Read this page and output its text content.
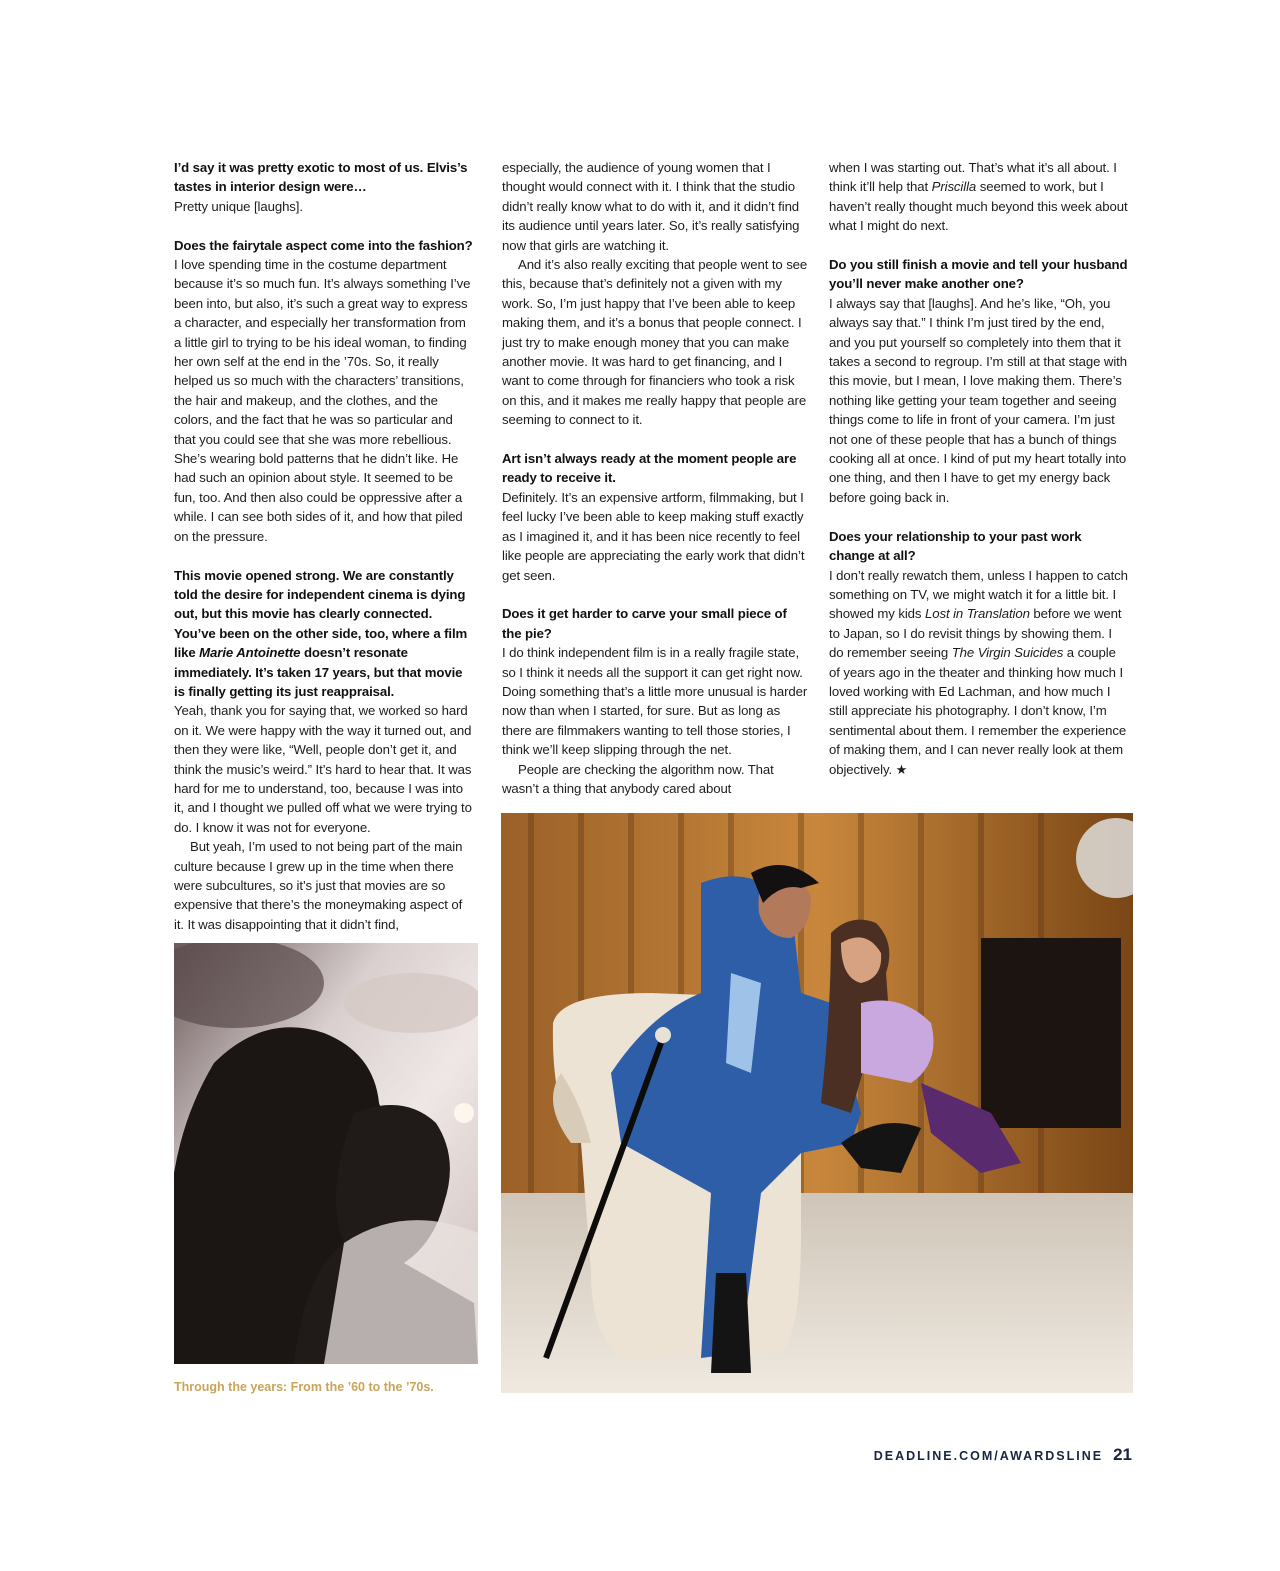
I’d say it was pretty exotic to most of us. Elvis’s tastes in interior design were…

Pretty unique [laughs].

Does the fairytale aspect come into the fashion?

I love spending time in the costume department because it’s so much fun. It’s always something I’ve been into, but also, it’s such a great way to express a character, and especially her transformation from a little girl to trying to be his ideal woman, to finding her own self at the end in the ’70s. So, it really helped us so much with the characters’ transitions, the hair and makeup, and the clothes, and the colors, and the fact that he was so particular and that you could see that she was more rebellious. She’s wearing bold patterns that he didn’t like. He had such an opinion about style. It seemed to be fun, too. And then also could be oppressive after a while. I can see both sides of it, and how that piled on the pressure.

This movie opened strong. We are constantly told the desire for independent cinema is dying out, but this movie has clearly connected. You’ve been on the other side, too, where a film like Marie Antoinette doesn’t resonate immediately. It’s taken 17 years, but that movie is finally getting its just reappraisal.

Yeah, thank you for saying that, we worked so hard on it. We were happy with the way it turned out, and then they were like, “Well, people don’t get it, and think the music’s weird.” It’s hard to hear that. It was hard for me to understand, too, because I was into it, and I thought we pulled off what we were trying to do. I know it was not for everyone.

But yeah, I’m used to not being part of the main culture because I grew up in the time when there were subcultures, so it’s just that movies are so expensive that there’s the moneymaking aspect of it. It was disappointing that it didn’t find,

especially, the audience of young women that I thought would connect with it. I think that the studio didn’t really know what to do with it, and it didn’t find its audience until years later. So, it’s really satisfying now that girls are watching it.

And it’s also really exciting that people went to see this, because that’s definitely not a given with my work. So, I’m just happy that I’ve been able to keep making them, and it’s a bonus that people connect. I just try to make enough money that you can make another movie. It was hard to get financing, and I want to come through for financiers who took a risk on this, and it makes me really happy that people are seeming to connect to it.

Art isn’t always ready at the moment people are ready to receive it.

Definitely. It’s an expensive artform, filmmaking, but I feel lucky I’ve been able to keep making stuff exactly as I imagined it, and it has been nice recently to feel like people are appreciating the early work that didn’t get seen.

Does it get harder to carve your small piece of the pie?

I do think independent film is in a really fragile state, so I think it needs all the support it can get right now. Doing something that’s a little more unusual is harder now than when I started, for sure. But as long as there are filmmakers wanting to tell those stories, I think we’ll keep slipping through the net.

People are checking the algorithm now. That wasn’t a thing that anybody cared about

when I was starting out. That’s what it’s all about. I think it’ll help that Priscilla seemed to work, but I haven’t really thought much beyond this week about what I might do next.

Do you still finish a movie and tell your husband you’ll never make another one?

I always say that [laughs]. And he’s like, “Oh, you always say that.” I think I’m just tired by the end, and you put yourself so completely into them that it takes a second to regroup. I’m still at that stage with this movie, but I mean, I love making them. There’s nothing like getting your team together and seeing things come to life in front of your camera. I’m just not one of these people that has a bunch of things cooking all at once. I kind of put my heart totally into one thing, and then I have to get my energy back before going back in.

Does your relationship to your past work change at all?

I don’t really rewatch them, unless I happen to catch something on TV, we might watch it for a little bit. I showed my kids Lost in Translation before we went to Japan, so I do revisit things by showing them. I do remember seeing The Virgin Suicides a couple of years ago in the theater and thinking how much I loved working with Ed Lachman, and how much I still appreciate his photography. I don’t know, I’m sentimental about them. I remember the experience of making them, and I can never really look at them objectively. ★

Through the years: From the ’60 to the ’70s.
DEADLINE.COM/AWARDSLINE 21
